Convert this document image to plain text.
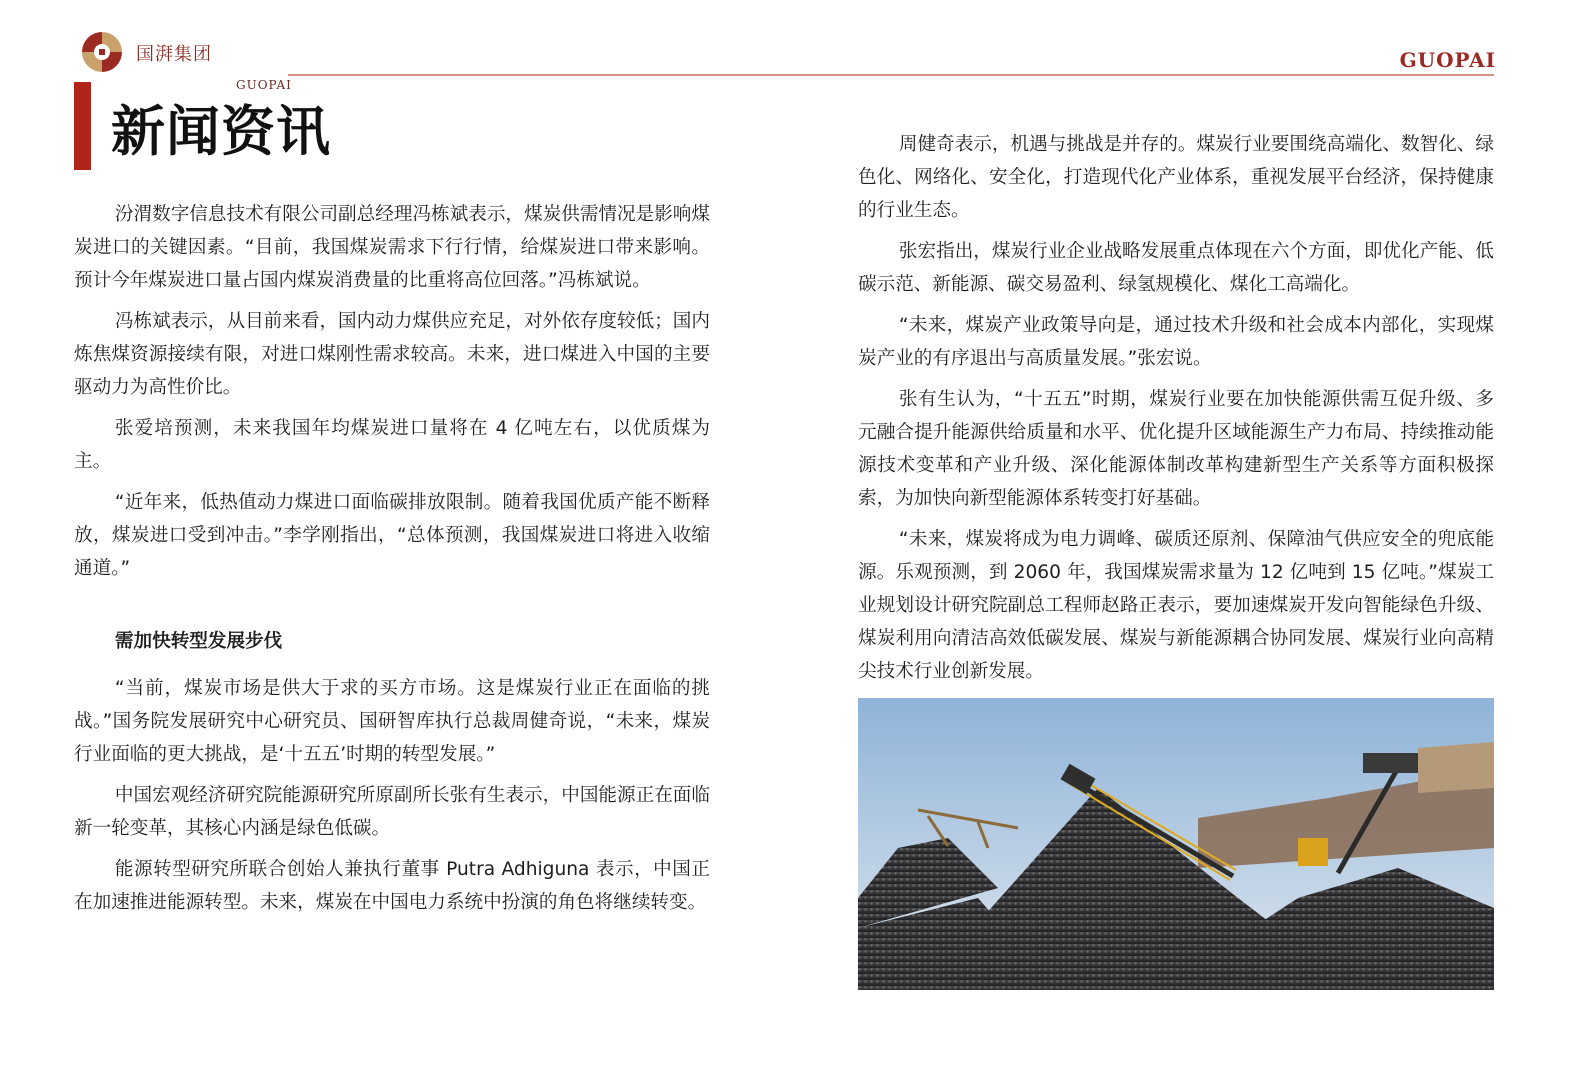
国湃集团
GUOPAI
GUOPAI
新闻资讯

汾渭数字信息技术有限公司副总经理冯栋斌表示，煤炭供需情况是影响煤炭进口的关键因素。“目前，我国煤炭需求下行行情，给煤炭进口带来影响。预计今年煤炭进口量占国内煤炭消费量的比重将高位回落。”冯栋斌说。

冯栋斌表示，从目前来看，国内动力煤供应充足，对外依存度较低；国内炼焦煤资源接续有限，对进口煤刚性需求较高。未来，进口煤进入中国的主要驱动力为高性价比。

张爱培预测，未来我国年均煤炭进口量将在 4 亿吨左右，以优质煤为主。

“近年来，低热值动力煤进口面临碳排放限制。随着我国优质产能不断释放，煤炭进口受到冲击。”李学刚指出，“总体预测，我国煤炭进口将进入收缩通道。”

需加快转型发展步伐

“当前，煤炭市场是供大于求的买方市场。这是煤炭行业正在面临的挑战。”国务院发展研究中心研究员、国研智库执行总裁周健奇说，“未来，煤炭行业面临的更大挑战，是‘十五五’时期的转型发展。”

中国宏观经济研究院能源研究所原副所长张有生表示，中国能源正在面临新一轮变革，其核心内涵是绿色低碳。

能源转型研究所联合创始人兼执行董事 Putra Adhiguna 表示，中国正在加速推进能源转型。未来，煤炭在中国电力系统中扮演的角色将继续转变。

周健奇表示，机遇与挑战是并存的。煤炭行业要围绕高端化、数智化、绿色化、网络化、安全化，打造现代化产业体系，重视发展平台经济，保持健康的行业生态。

张宏指出，煤炭行业企业战略发展重点体现在六个方面，即优化产能、低碳示范、新能源、碳交易盈利、绿氢规模化、煤化工高端化。

“未来，煤炭产业政策导向是，通过技术升级和社会成本内部化，实现煤炭产业的有序退出与高质量发展。”张宏说。

张有生认为，“十五五”时期，煤炭行业要在加快能源供需互促升级、多元融合提升能源供给质量和水平、优化提升区域能源生产力布局、持续推动能源技术变革和产业升级、深化能源体制改革构建新型生产关系等方面积极探索，为加快向新型能源体系转变打好基础。

“未来，煤炭将成为电力调峰、碳质还原剂、保障油气供应安全的兜底能源。乐观预测，到 2060 年，我国煤炭需求量为 12 亿吨到 15 亿吨。”煤炭工业规划设计研究院副总工程师赵路正表示，要加速煤炭开发向智能绿色升级、煤炭利用向清洁高效低碳发展、煤炭与新能源耦合协同发展、煤炭行业向高精尖技术行业创新发展。
